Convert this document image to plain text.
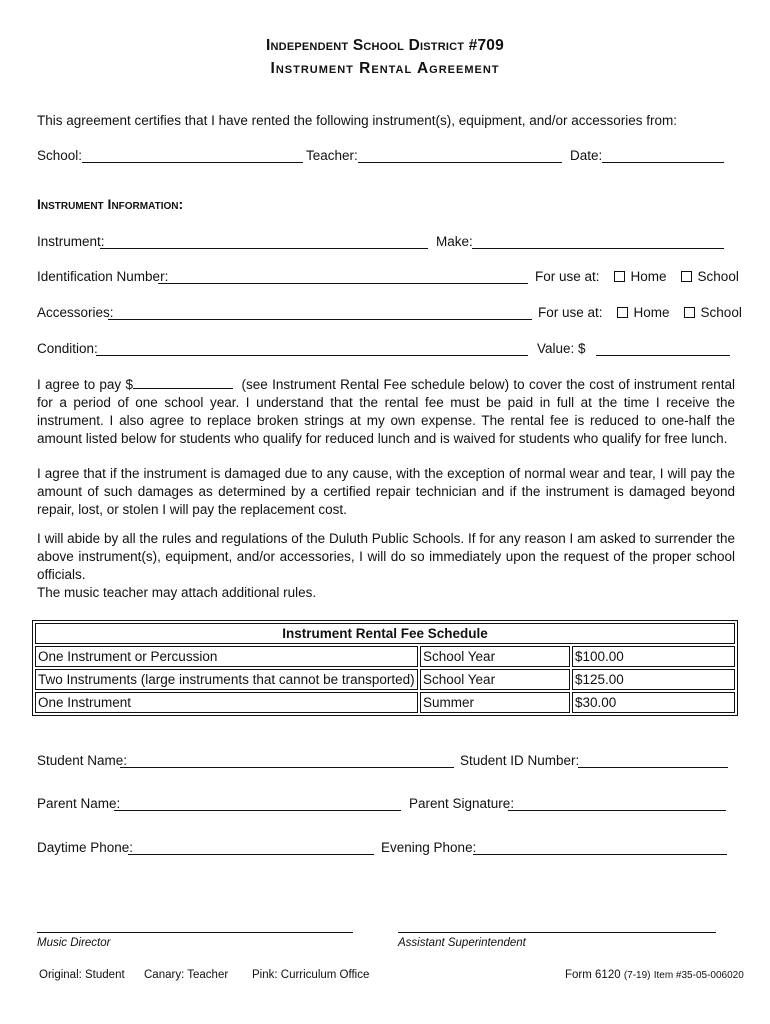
Independent School District #709
Instrument Rental Agreement
This agreement certifies that I have rented the following instrument(s), equipment, and/or accessories from:
School:	Teacher:	Date:
Instrument Information:
Instrument:	Make:
Identification Number:	For use at: Home School
Accessories:	For use at: Home School
Condition:	Value: $
I agree to pay $	(see Instrument Rental Fee schedule below) to cover the cost of instrument rental for a period of one school year. I understand that the rental fee must be paid in full at the time I receive the instrument. I also agree to replace broken strings at my own expense. The rental fee is reduced to one-half the amount listed below for students who qualify for reduced lunch and is waived for students who qualify for free lunch.
I agree that if the instrument is damaged due to any cause, with the exception of normal wear and tear, I will pay the amount of such damages as determined by a certified repair technician and if the instrument is damaged beyond repair, lost, or stolen I will pay the replacement cost.
I will abide by all the rules and regulations of the Duluth Public Schools. If for any reason I am asked to surrender the above instrument(s), equipment, and/or accessories, I will do so immediately upon the request of the proper school officials.
The music teacher may attach additional rules.
Instrument Rental Fee Schedule		
One Instrument or Percussion	School Year	$100.00
Two Instruments (large instruments that cannot be transported)	School Year	$125.00
One Instrument	Summer	$30.00
Student Name:	Student ID Number:
Parent Name:	Parent Signature:
Daytime Phone:	Evening Phone:
Music Director	Assistant Superintendent
Original: Student Canary: Teacher Pink: Curriculum Office	Form 6120 (7-19) Item #35-05-006020
